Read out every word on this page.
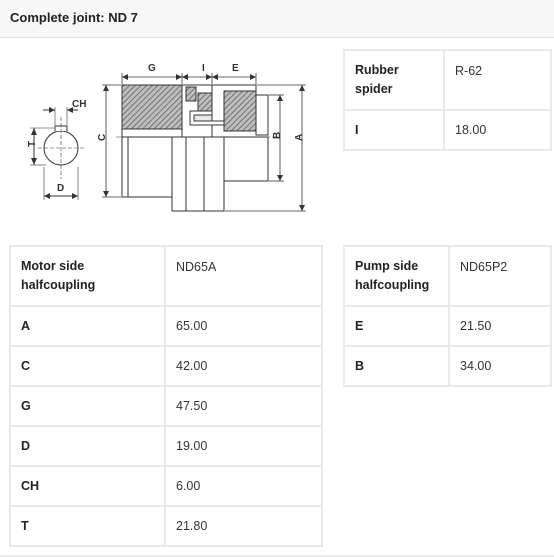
Complete joint: ND 7
T
CH
D
G	I	E
C	B A
Rubber spider	R-62
I	18.00
Motor side halfcoupling	ND65A
A	65.00
C	42.00
G	47.50
D	19.00
CH	6.00
T	21.80
Pump side halfcoupling	ND65P2
E	21.50
B	34.00
